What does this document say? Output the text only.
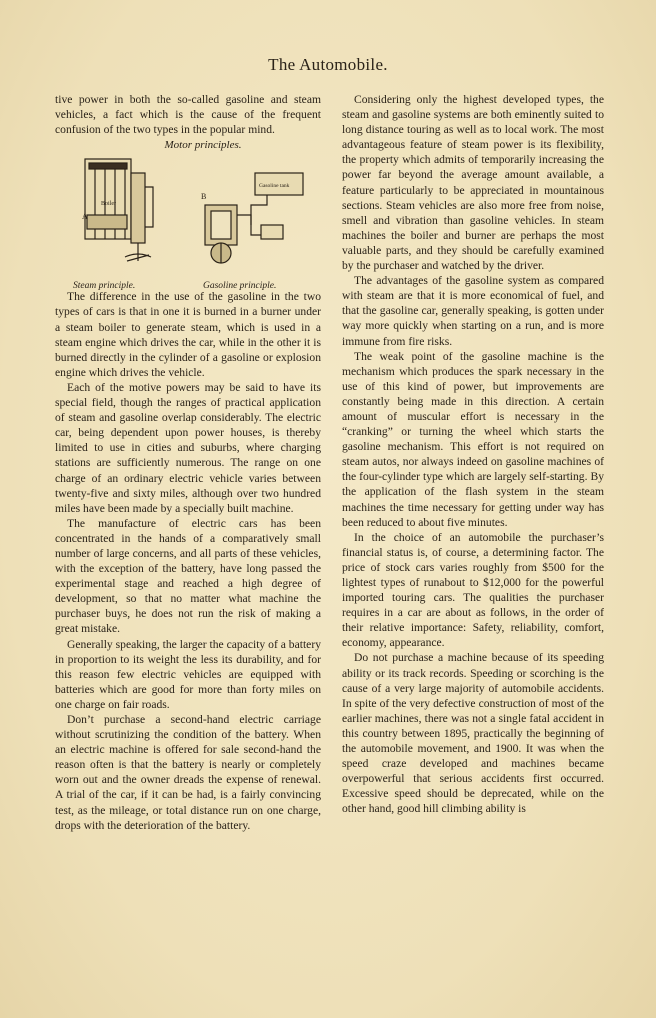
The Automobile.

tive power in both the so-called gasoline and steam vehicles, a fact which is the cause of the frequent confusion of the two types in the popular mind.

Motor principles.
A
Boiler
Gasoline tank
B
Steam principle.	Gasoline principle.

The difference in the use of the gasoline in the two types of cars is that in one it is burned in a burner under a steam boiler to generate steam, which is used in a steam engine which drives the car, while in the other it is burned directly in the cylinder of a gasoline or explosion engine which drives the vehicle.

Each of the motive powers may be said to have its special field, though the ranges of practical application of steam and gasoline overlap considerably. The electric car, being dependent upon power houses, is thereby limited to use in cities and suburbs, where charging stations are sufficiently numerous. The range on one charge of an ordinary electric vehicle varies between twenty-five and sixty miles, although over two hundred miles have been made by a specially built machine.

The manufacture of electric cars has been concentrated in the hands of a comparatively small number of large concerns, and all parts of these vehicles, with the exception of the battery, have long passed the experimental stage and reached a high degree of development, so that no matter what machine the purchaser buys, he does not run the risk of making a great mistake.

Generally speaking, the larger the capacity of a battery in proportion to its weight the less its durability, and for this reason few electric vehicles are equipped with batteries which are good for more than forty miles on one charge on fair roads.

Don’t purchase a second-hand electric carriage without scrutinizing the condition of the battery. When an electric machine is offered for sale second-hand the reason often is that the battery is nearly or completely worn out and the owner dreads the expense of renewal. A trial of the car, if it can be had, is a fairly convincing test, as the mileage, or total distance run on one charge, drops with the deterioration of the battery.

Considering only the highest developed types, the steam and gasoline systems are both eminently suited to long distance touring as well as to local work. The most advantageous feature of steam power is its flexibility, the property which admits of temporarily increasing the power far beyond the average amount available, a feature particularly to be appreciated in mountainous sections. Steam vehicles are also more free from noise, smell and vibration than gasoline vehicles. In steam machines the boiler and burner are perhaps the most valuable parts, and they should be carefully examined by the purchaser and watched by the driver.

The advantages of the gasoline system as compared with steam are that it is more economical of fuel, and that the gasoline car, generally speaking, is gotten under way more quickly when starting on a run, and is more immune from fire risks.

The weak point of the gasoline machine is the mechanism which produces the spark necessary in the use of this kind of power, but improvements are constantly being made in this direction. A certain amount of muscular effort is necessary in the “cranking” or turning the wheel which starts the gasoline mechanism. This effort is not required on steam autos, nor always indeed on gasoline machines of the four-cylinder type which are largely self-starting. By the application of the flash system in the steam machines the time necessary for getting under way has been reduced to about five minutes.

In the choice of an automobile the purchaser’s financial status is, of course, a determining factor. The price of stock cars varies roughly from $500 for the lightest types of runabout to $12,000 for the powerful imported touring cars. The qualities the purchaser requires in a car are about as follows, in the order of their relative importance: Safety, reliability, comfort, economy, appearance.

Do not purchase a machine because of its speeding ability or its track records. Speeding or scorching is the cause of a very large majority of automobile accidents. In spite of the very defective construction of most of the earlier machines, there was not a single fatal accident in this country between 1895, practically the beginning of the automobile movement, and 1900. It was when the speed craze developed and machines became overpowerful that serious accidents first occurred. Excessive speed should be deprecated, while on the other hand, good hill climbing ability is
